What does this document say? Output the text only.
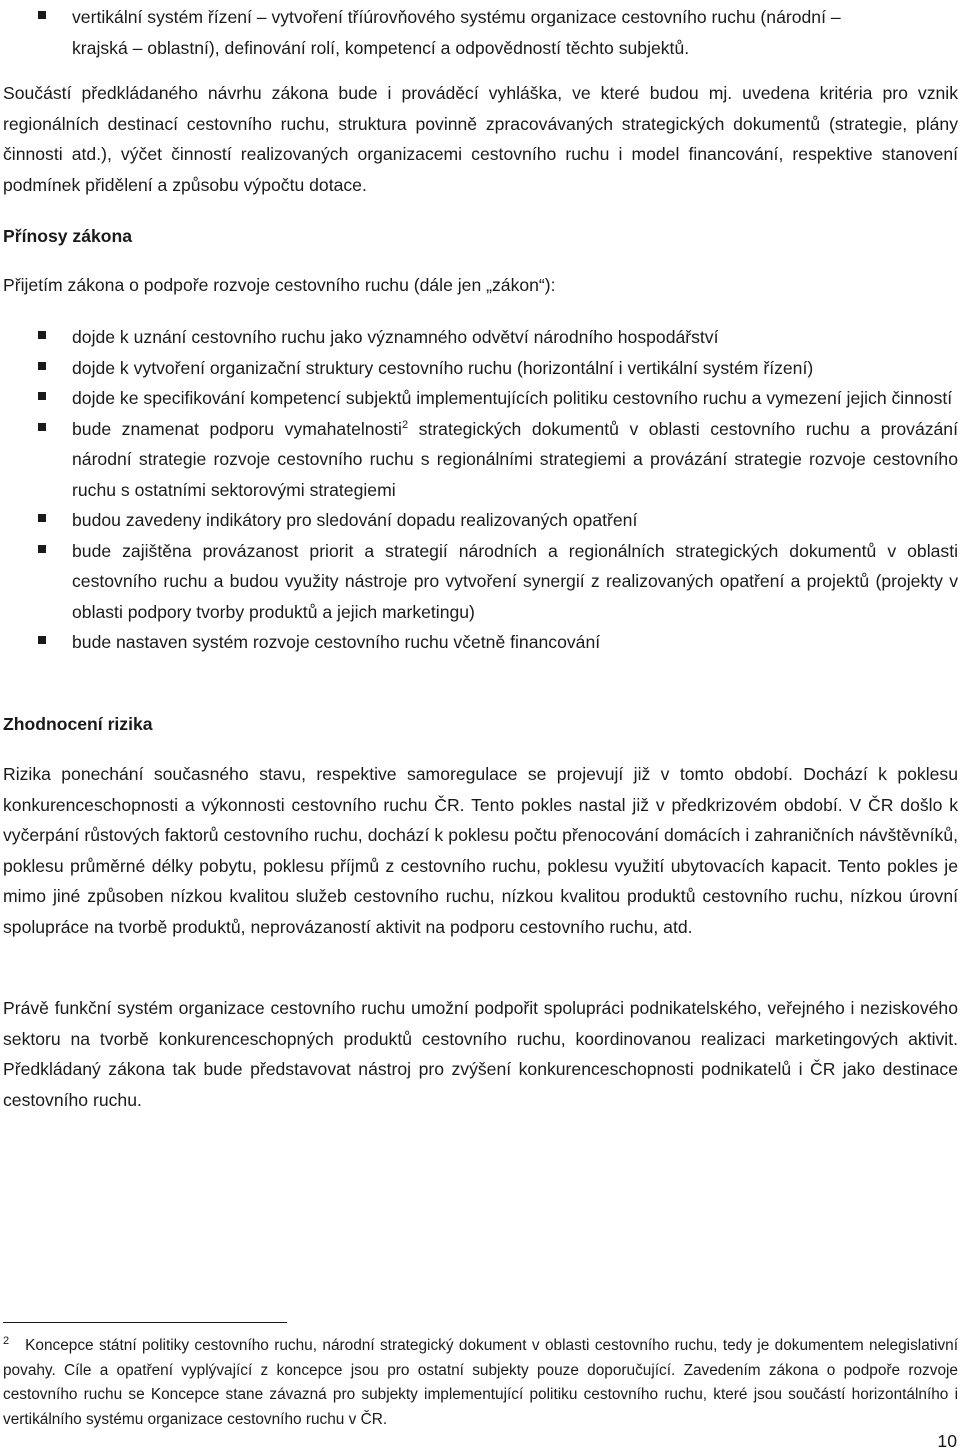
vertikální systém řízení – vytvoření tříúrovňového systému organizace cestovního ruchu (národní –
krajská – oblastní), definování rolí, kompetencí a odpovědností těchto subjektů.

Součástí předkládaného návrhu zákona bude i prováděcí vyhláška, ve které budou mj. uvedena kritéria pro vznik regionálních destinací cestovního ruchu, struktura povinně zpracovávaných strategických dokumentů (strategie, plány činnosti atd.), výčet činností realizovaných organizacemi cestovního ruchu i model financování, respektive stanovení podmínek přidělení a způsobu výpočtu dotace.

Přínosy zákona

Přijetím zákona o podpoře rozvoje cestovního ruchu (dále jen „zákon“):

dojde k uznání cestovního ruchu jako významného odvětví národního hospodářství
dojde k vytvoření organizační struktury cestovního ruchu (horizontální i vertikální systém řízení)
dojde ke specifikování kompetencí subjektů implementujících politiku cestovního ruchu a vymezení jejich činností
bude znamenat podporu vymahatelnosti$^2$ strategických dokumentů v oblasti cestovního ruchu a provázání národní strategie rozvoje cestovního ruchu s regionálními strategiemi a provázání strategie rozvoje cestovního ruchu s ostatními sektorovými strategiemi
budou zavedeny indikátory pro sledování dopadu realizovaných opatření
bude zajištěna provázanost priorit a strategií národních a regionálních strategických dokumentů v oblasti cestovního ruchu a budou využity nástroje pro vytvoření synergií z realizovaných opatření a projektů (projekty v oblasti podpory tvorby produktů a jejich marketingu)
bude nastaven systém rozvoje cestovního ruchu včetně financování
Zhodnocení rizika

Rizika ponechání současného stavu, respektive samoregulace se projevují již v tomto období. Dochází k poklesu konkurenceschopnosti a výkonnosti cestovního ruchu ČR. Tento pokles nastal již v předkrizovém období. V ČR došlo k vyčerpání růstových faktorů cestovního ruchu, dochází k poklesu počtu přenocování domácích i zahraničních návštěvníků, poklesu průměrné délky pobytu, poklesu příjmů z cestovního ruchu, poklesu využití ubytovacích kapacit. Tento pokles je mimo jiné způsoben nízkou kvalitou služeb cestovního ruchu, nízkou kvalitou produktů cestovního ruchu, nízkou úrovní spolupráce na tvorbě produktů, neprovázaností aktivit na podporu cestovního ruchu, atd.

Právě funkční systém organizace cestovního ruchu umožní podpořit spolupráci podnikatelského, veřejného i neziskového sektoru na tvorbě konkurenceschopných produktů cestovního ruchu, koordinovanou realizaci marketingových aktivit. Předkládaný zákona tak bude představovat nástroj pro zvýšení konkurenceschopnosti podnikatelů i ČR jako destinace cestovního ruchu.

$^2$ Koncepce státní politiky cestovního ruchu, národní strategický dokument v oblasti cestovního ruchu, tedy je dokumentem nelegislativní povahy. Cíle a opatření vyplývající z koncepce jsou pro ostatní subjekty pouze doporučující. Zavedením zákona o podpoře rozvoje cestovního ruchu se Koncepce stane závazná pro subjekty implementující politiku cestovního ruchu, které jsou součástí horizontálního i vertikálního systému organizace cestovního ruchu v ČR.

10
